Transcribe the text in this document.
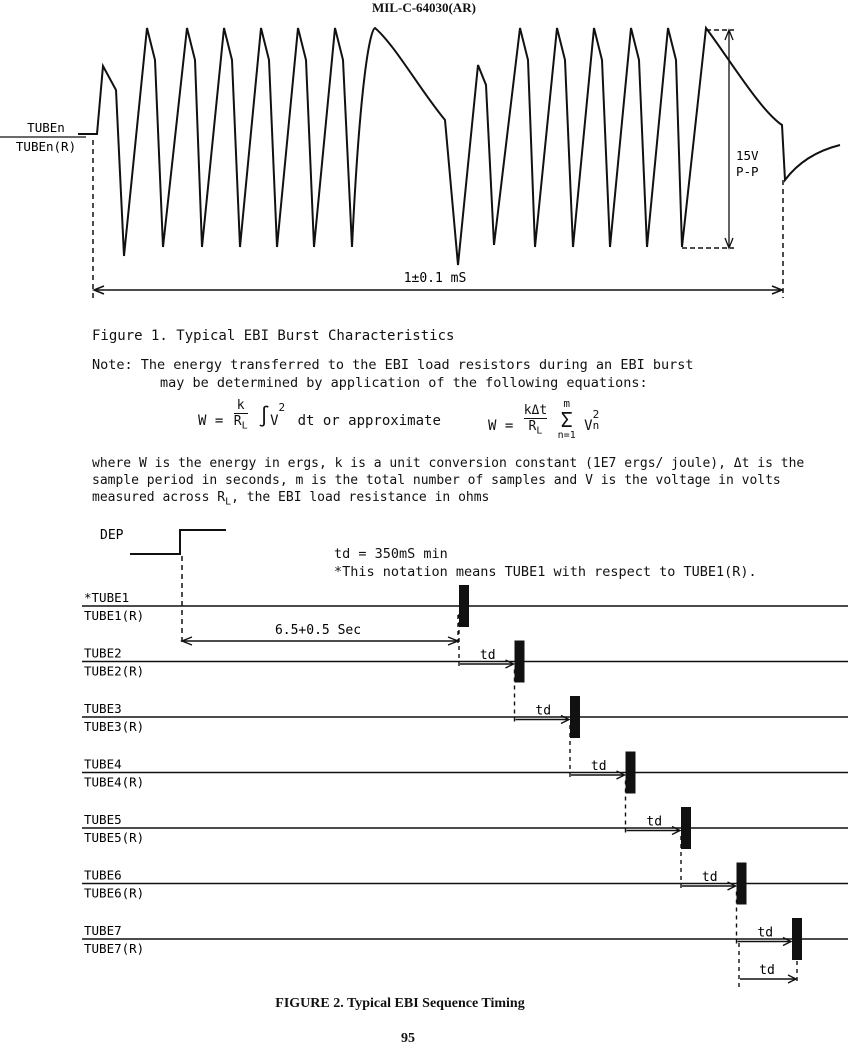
MIL-C-64030(AR)
TUBEn
TUBEn(R)
15V
P-P
1±0.1 mS
Figure 1. Typical EBI Burst Characteristics
Note: The energy transferred to the EBI load resistors during an EBI burst
may be determined by application of the following equations:
$W = \frac{k}{R_L} \int V^2$ dt or approximate	W =
kΔt
$R_L$

m
Σ
n=1
V
2
n
where W is the energy in ergs, k is a unit conversion constant (1E7 ergs/ joule), Δt is the sample period in seconds, m is the total number of samples and V is the voltage in volts measured across $R_L$, the EBI load resistance in ohms
td = 350mS min
*This notation means TUBE1 with respect to TUBE1(R).
DEP
6.5+0.5 Sec
*TUBE1
TUBE1(R)
td
TUBE2
TUBE2(R)
td
TUBE3
TUBE3(R)
td
TUBE4
TUBE4(R)
td
TUBE5
TUBE5(R)
td
TUBE6
TUBE6(R)
td
TUBE7
TUBE7(R)
td
FIGURE 2. Typical EBI Sequence Timing
95
